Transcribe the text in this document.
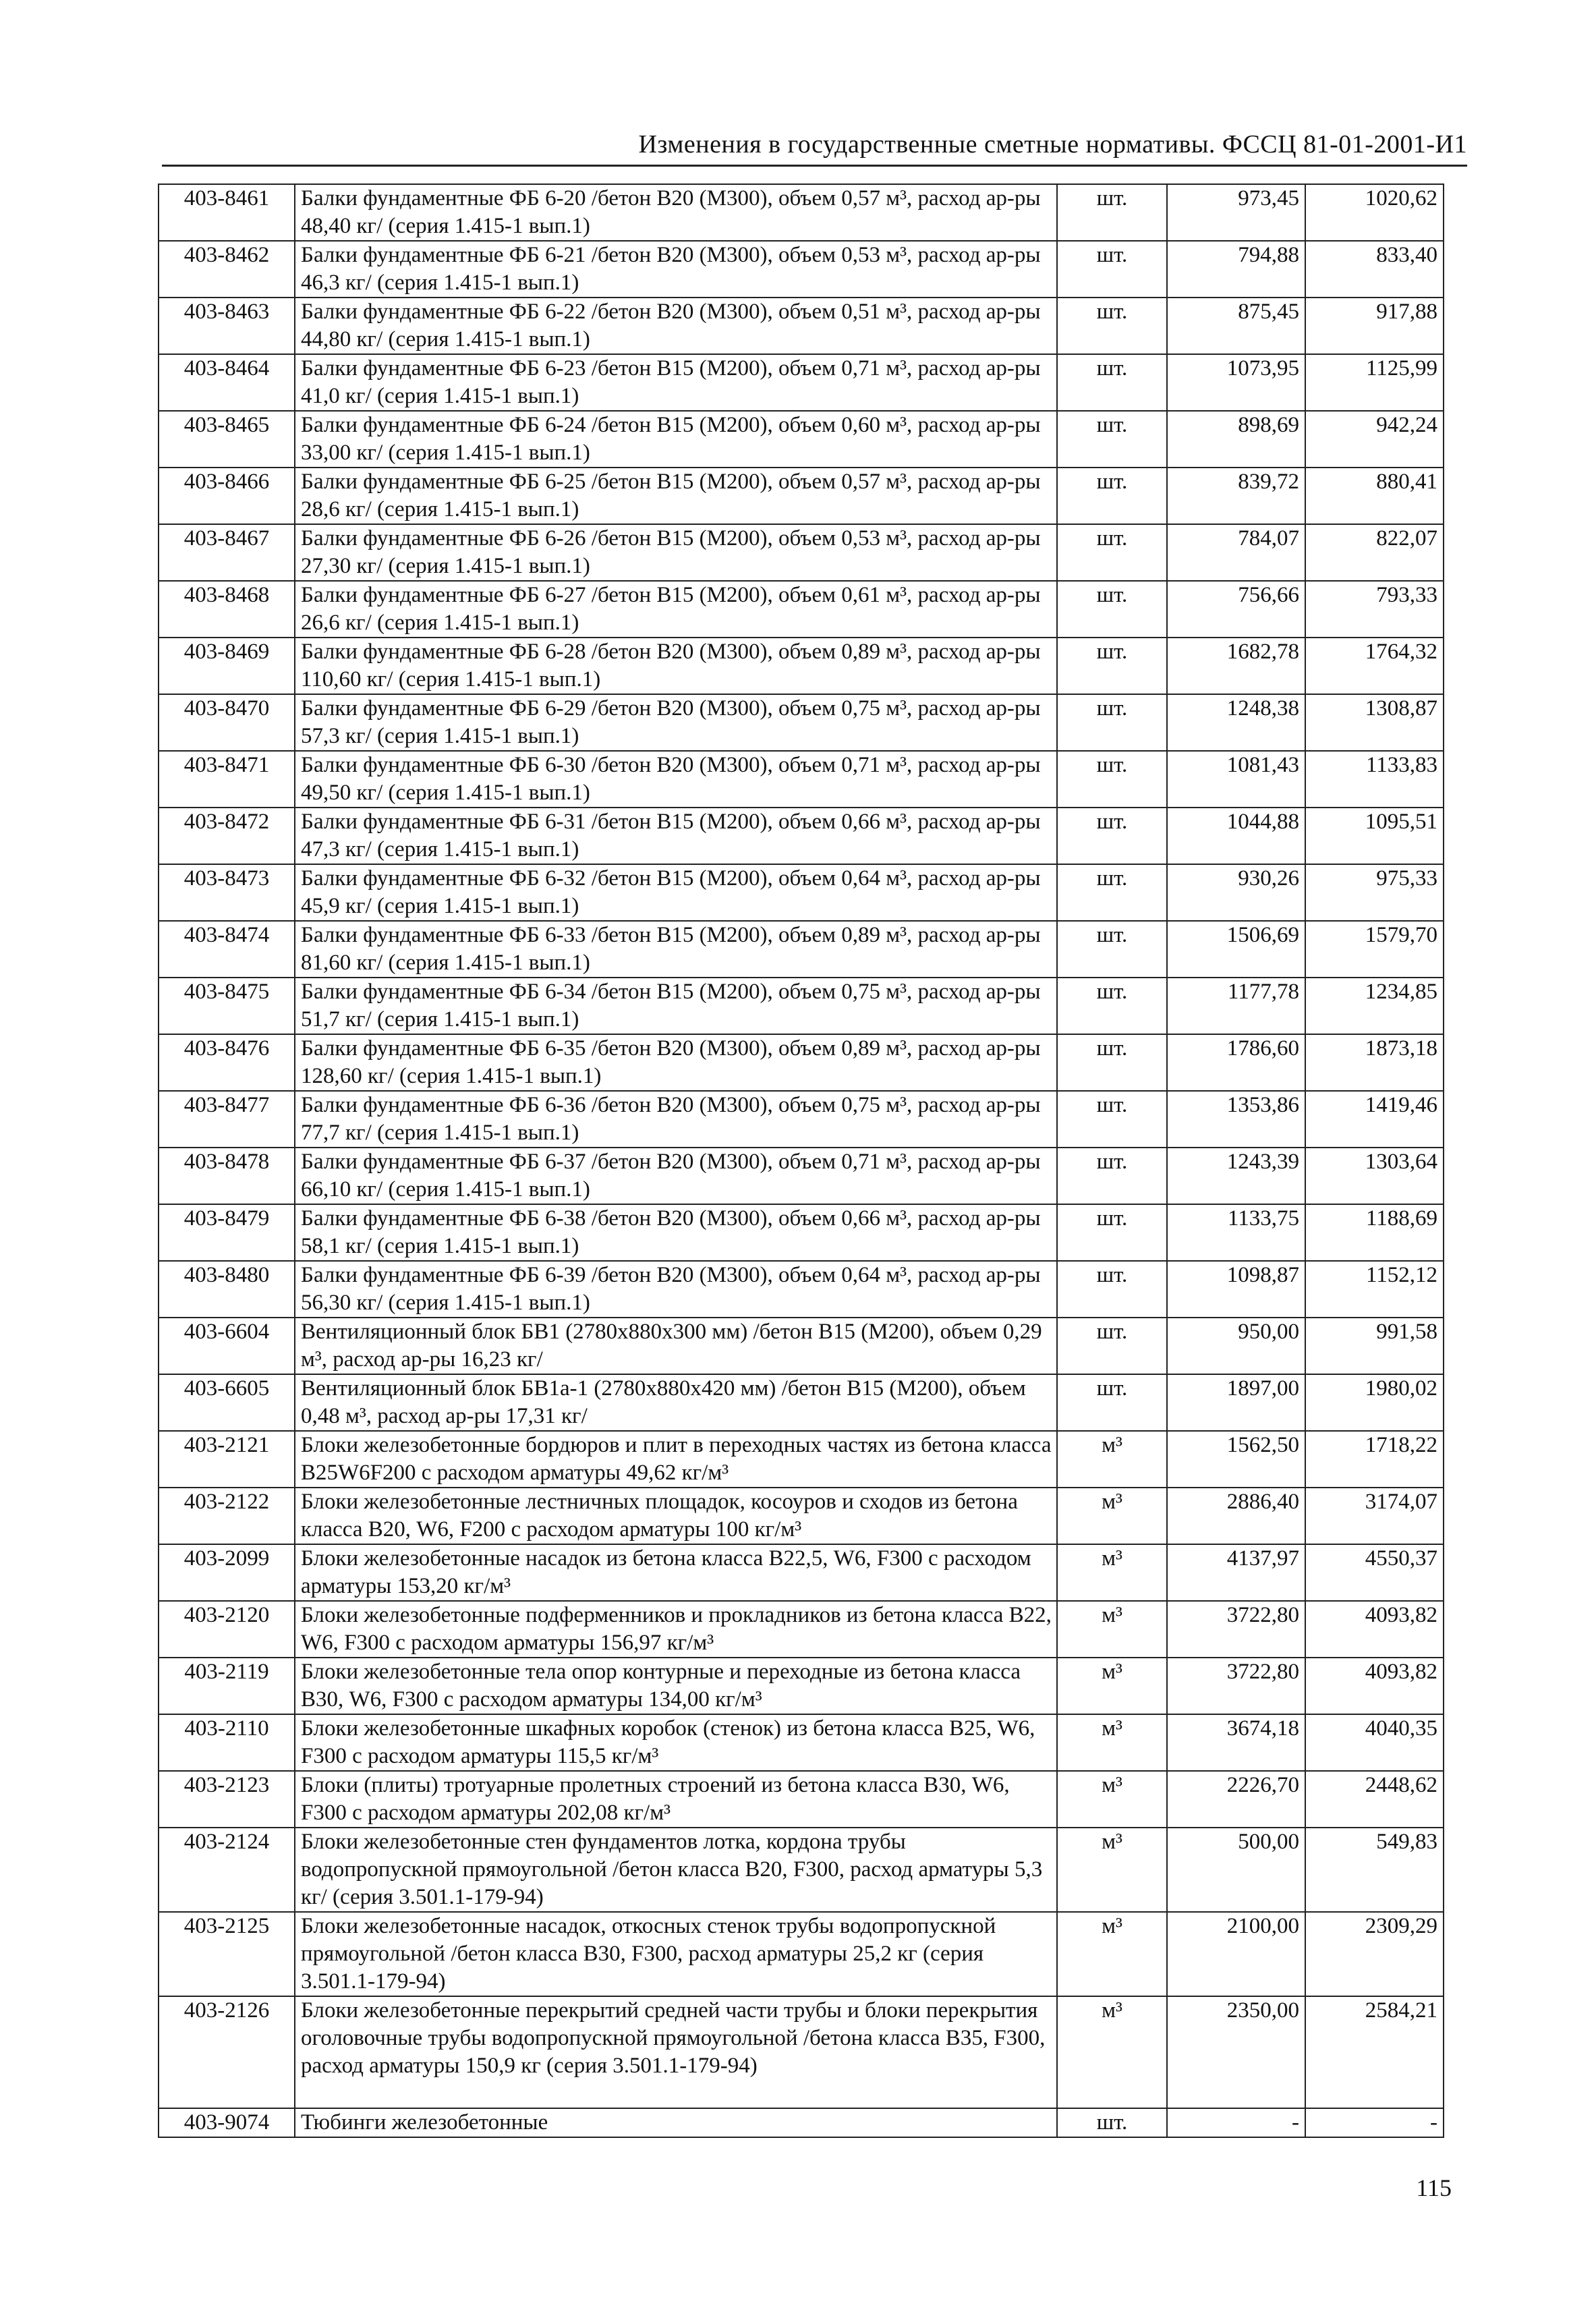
Изменения в государственные сметные нормативы. ФССЦ 81-01-2001-И1
403-8461	Балки фундаментные ФБ 6-20 /бетон В20 (М300), объем 0,57 м³, расход ар-ры 48,40 кг/ (серия 1.415-1 вып.1)	шт.	973,45	1020,62
403-8462	Балки фундаментные ФБ 6-21 /бетон В20 (М300), объем 0,53 м³, расход ар-ры 46,3 кг/ (серия 1.415-1 вып.1)	шт.	794,88	833,40
403-8463	Балки фундаментные ФБ 6-22 /бетон В20 (М300), объем 0,51 м³, расход ар-ры 44,80 кг/ (серия 1.415-1 вып.1)	шт.	875,45	917,88
403-8464	Балки фундаментные ФБ 6-23 /бетон В15 (М200), объем 0,71 м³, расход ар-ры 41,0 кг/ (серия 1.415-1 вып.1)	шт.	1073,95	1125,99
403-8465	Балки фундаментные ФБ 6-24 /бетон В15 (М200), объем 0,60 м³, расход ар-ры 33,00 кг/ (серия 1.415-1 вып.1)	шт.	898,69	942,24
403-8466	Балки фундаментные ФБ 6-25 /бетон В15 (М200), объем 0,57 м³, расход ар-ры 28,6 кг/ (серия 1.415-1 вып.1)	шт.	839,72	880,41
403-8467	Балки фундаментные ФБ 6-26 /бетон В15 (М200), объем 0,53 м³, расход ар-ры 27,30 кг/ (серия 1.415-1 вып.1)	шт.	784,07	822,07
403-8468	Балки фундаментные ФБ 6-27 /бетон В15 (М200), объем 0,61 м³, расход ар-ры 26,6 кг/ (серия 1.415-1 вып.1)	шт.	756,66	793,33
403-8469	Балки фундаментные ФБ 6-28 /бетон В20 (М300), объем 0,89 м³, расход ар-ры 110,60 кг/ (серия 1.415-1 вып.1)	шт.	1682,78	1764,32
403-8470	Балки фундаментные ФБ 6-29 /бетон В20 (М300), объем 0,75 м³, расход ар-ры 57,3 кг/ (серия 1.415-1 вып.1)	шт.	1248,38	1308,87
403-8471	Балки фундаментные ФБ 6-30 /бетон В20 (М300), объем 0,71 м³, расход ар-ры 49,50 кг/ (серия 1.415-1 вып.1)	шт.	1081,43	1133,83
403-8472	Балки фундаментные ФБ 6-31 /бетон В15 (М200), объем 0,66 м³, расход ар-ры 47,3 кг/ (серия 1.415-1 вып.1)	шт.	1044,88	1095,51
403-8473	Балки фундаментные ФБ 6-32 /бетон В15 (М200), объем 0,64 м³, расход ар-ры 45,9 кг/ (серия 1.415-1 вып.1)	шт.	930,26	975,33
403-8474	Балки фундаментные ФБ 6-33 /бетон В15 (М200), объем 0,89 м³, расход ар-ры 81,60 кг/ (серия 1.415-1 вып.1)	шт.	1506,69	1579,70
403-8475	Балки фундаментные ФБ 6-34 /бетон В15 (М200), объем 0,75 м³, расход ар-ры 51,7 кг/ (серия 1.415-1 вып.1)	шт.	1177,78	1234,85
403-8476	Балки фундаментные ФБ 6-35 /бетон В20 (М300), объем 0,89 м³, расход ар-ры 128,60 кг/ (серия 1.415-1 вып.1)	шт.	1786,60	1873,18
403-8477	Балки фундаментные ФБ 6-36 /бетон В20 (М300), объем 0,75 м³, расход ар-ры 77,7 кг/ (серия 1.415-1 вып.1)	шт.	1353,86	1419,46
403-8478	Балки фундаментные ФБ 6-37 /бетон В20 (М300), объем 0,71 м³, расход ар-ры 66,10 кг/ (серия 1.415-1 вып.1)	шт.	1243,39	1303,64
403-8479	Балки фундаментные ФБ 6-38 /бетон В20 (М300), объем 0,66 м³, расход ар-ры 58,1 кг/ (серия 1.415-1 вып.1)	шт.	1133,75	1188,69
403-8480	Балки фундаментные ФБ 6-39 /бетон В20 (М300), объем 0,64 м³, расход ар-ры 56,30 кг/ (серия 1.415-1 вып.1)	шт.	1098,87	1152,12
403-6604	Вентиляционный блок БВ1 (2780х880х300 мм) /бетон В15 (М200), объем 0,29 м³, расход ар-ры 16,23 кг/	шт.	950,00	991,58
403-6605	Вентиляционный блок БВ1а-1 (2780х880х420 мм) /бетон В15 (М200), объем 0,48 м³, расход ар-ры 17,31 кг/	шт.	1897,00	1980,02
403-2121	Блоки железобетонные бордюров и плит в переходных частях из бетона класса B25W6F200 с расходом арматуры 49,62 кг/м³	м³	1562,50	1718,22
403-2122	Блоки железобетонные лестничных площадок, косоуров и сходов из бетона класса В20, W6, F200 с расходом арматуры 100 кг/м³	м³	2886,40	3174,07
403-2099	Блоки железобетонные насадок из бетона класса В22,5, W6, F300 с расходом арматуры 153,20 кг/м³	м³	4137,97	4550,37
403-2120	Блоки железобетонные подферменников и прокладников из бетона класса В22, W6, F300 с расходом арматуры 156,97 кг/м³	м³	3722,80	4093,82
403-2119	Блоки железобетонные тела опор контурные и переходные из бетона класса В30, W6, F300 с расходом арматуры 134,00 кг/м³	м³	3722,80	4093,82
403-2110	Блоки железобетонные шкафных коробок (стенок) из бетона класса В25, W6, F300 с расходом арматуры 115,5 кг/м³	м³	3674,18	4040,35
403-2123	Блоки (плиты) тротуарные пролетных строений из бетона класса В30, W6, F300 с расходом арматуры 202,08 кг/м³	м³	2226,70	2448,62
403-2124	Блоки железобетонные стен фундаментов лотка, кордона трубы водопропускной прямоугольной /бетон класса В20, F300, расход арматуры 5,3 кг/ (серия 3.501.1-179-94)	м³	500,00	549,83
403-2125	Блоки железобетонные насадок, откосных стенок трубы водопропускной прямоугольной /бетон класса В30, F300, расход арматуры 25,2 кг (серия 3.501.1-179-94)	м³	2100,00	2309,29
403-2126	Блоки железобетонные перекрытий средней части трубы и блоки перекрытия оголовочные трубы водопропускной прямоугольной /бетона класса В35, F300, расход арматуры 150,9 кг (серия 3.501.1-179-94)	м³	2350,00	2584,21
403-9074	Тюбинги железобетонные	шт.	-	-
115
